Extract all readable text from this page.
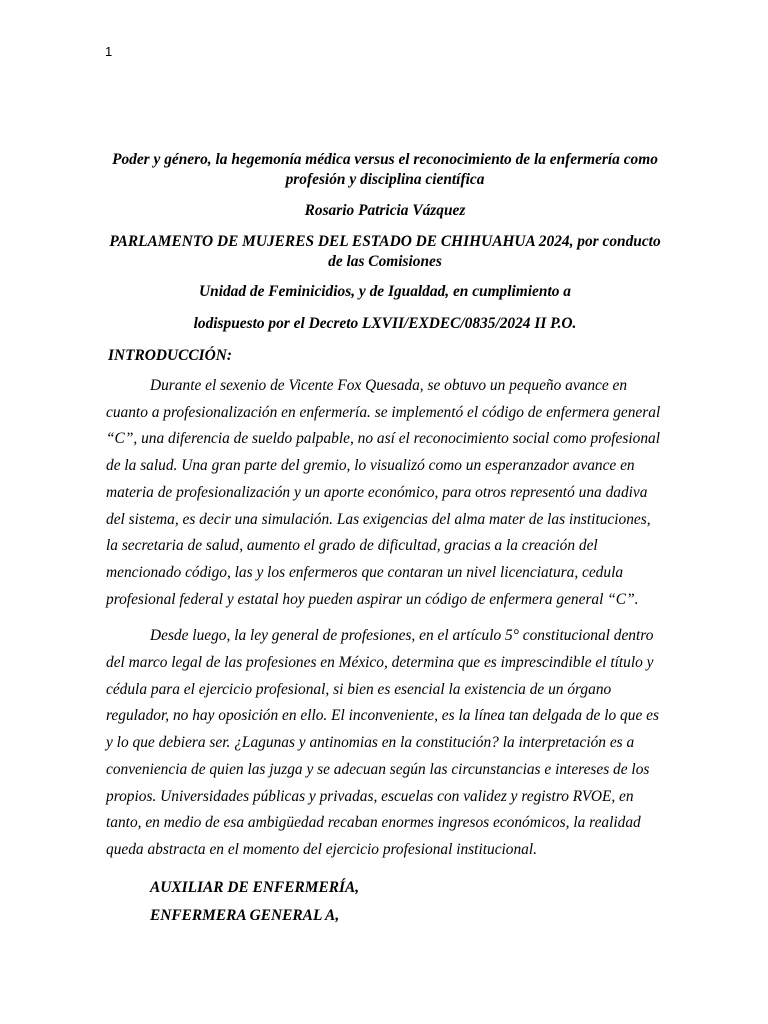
1

Poder y género, la hegemonía médica versus el reconocimiento de la enfermería como profesión y disciplina científica

Rosario Patricia Vázquez

PARLAMENTO DE MUJERES DEL ESTADO DE CHIHUAHUA 2024, por conducto de las Comisiones

Unidad de Feminicidios, y de Igualdad, en cumplimiento a

lodispuesto por el Decreto LXVII/EXDEC/0835/2024 II P.O.

INTRODUCCIÓN:

Durante el sexenio de Vicente Fox Quesada, se obtuvo un pequeño avance en cuanto a profesionalización en enfermería. se implementó el código de enfermera general “C”, una diferencia de sueldo palpable, no así el reconocimiento social como profesional de la salud. Una gran parte del gremio, lo visualizó como un esperanzador avance en materia de profesionalización y un aporte económico, para otros representó una dadiva del sistema, es decir una simulación. Las exigencias del alma mater de las instituciones, la secretaria de salud, aumento el grado de dificultad, gracias a la creación del mencionado código, las y los enfermeros que contaran un nivel licenciatura, cedula profesional federal y estatal hoy pueden aspirar un código de enfermera general “C”.

Desde luego, la ley general de profesiones, en el artículo 5° constitucional dentro del marco legal de las profesiones en México, determina que es imprescindible el título y cédula para el ejercicio profesional, si bien es esencial la existencia de un órgano regulador, no hay oposición en ello. El inconveniente, es la línea tan delgada de lo que es y lo que debiera ser. ¿Lagunas y antinomias en la constitución? la interpretación es a conveniencia de quien las juzga y se adecuan según las circunstancias e intereses de los propios. Universidades públicas y privadas, escuelas con validez y registro RVOE, en tanto, en medio de esa ambigüedad recaban enormes ingresos económicos, la realidad queda abstracta en el momento del ejercicio profesional institucional.

AUXILIAR DE ENFERMERÍA,
ENFERMERA GENERAL A,
